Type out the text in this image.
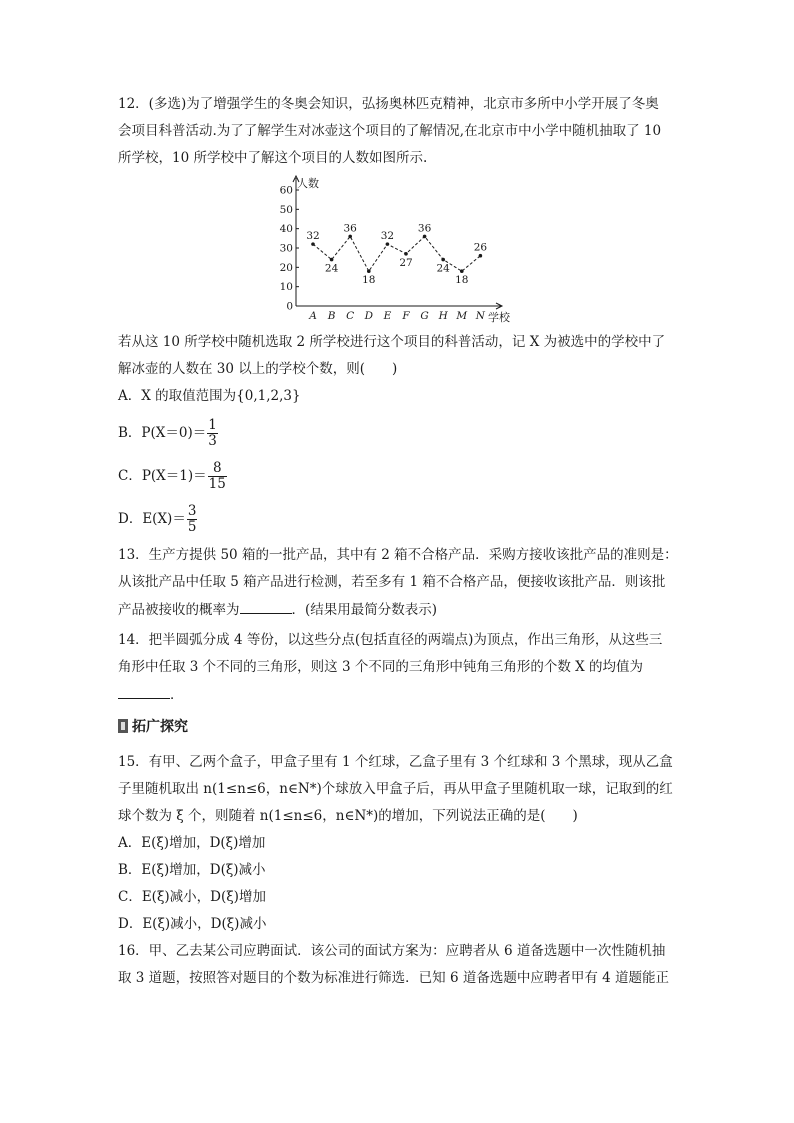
12．(多选)为了增强学生的冬奥会知识，弘扬奥林匹克精神，北京市多所中小学开展了冬奥
会项目科普活动.为了了解学生对冰壶这个项目的了解情况,在北京市中小学中随机抽取了 10
所学校，10 所学校中了解这个项目的人数如图所示.
0
10
20
30
40
50
60
A B C D E F G H M N
32
24
36
18
32
27
36
24
18
26
人数
学校
若从这 10 所学校中随机选取 2 所学校进行这个项目的科普活动，记 X 为被选中的学校中了
解冰壶的人数在 30 以上的学校个数，则(　　)
A．X 的取值范围为{0,1,2,3}
B．$P(X=0)= \frac{1}{3}$
C．$P(X=1)= \frac{8}{15}$
D．$E(X)= \frac{3}{5}$
13．生产方提供 50 箱的一批产品，其中有 2 箱不合格产品．采购方接收该批产品的准则是：
从该批产品中任取 5 箱产品进行检测，若至多有 1 箱不合格产品，便接收该批产品．则该批
产品被接收的概率为	．(结果用最简分数表示)
14．把半圆弧分成 4 等份，以这些分点(包括直径的两端点)为顶点，作出三角形，从这些三
角形中任取 3 个不同的三角形，则这 3 个不同的三角形中钝角三角形的个数 X 的均值为
．
拓广探究
15．有甲、乙两个盒子，甲盒子里有 1 个红球，乙盒子里有 3 个红球和 3 个黑球，现从乙盒
子里随机取出 n(1≤n≤6，n∈N*)个球放入甲盒子后，再从甲盒子里随机取一球，记取到的红
球个数为 ξ 个，则随着 n(1≤n≤6，n∈N*)的增加，下列说法正确的是(　　)
A．E(ξ)增加，D(ξ)增加
B．E(ξ)增加，D(ξ)减小
C．E(ξ)减小，D(ξ)增加
D．E(ξ)减小，D(ξ)减小
16．甲、乙去某公司应聘面试．该公司的面试方案为：应聘者从 6 道备选题中一次性随机抽
取 3 道题，按照答对题目的个数为标准进行筛选．已知 6 道备选题中应聘者甲有 4 道题能正
